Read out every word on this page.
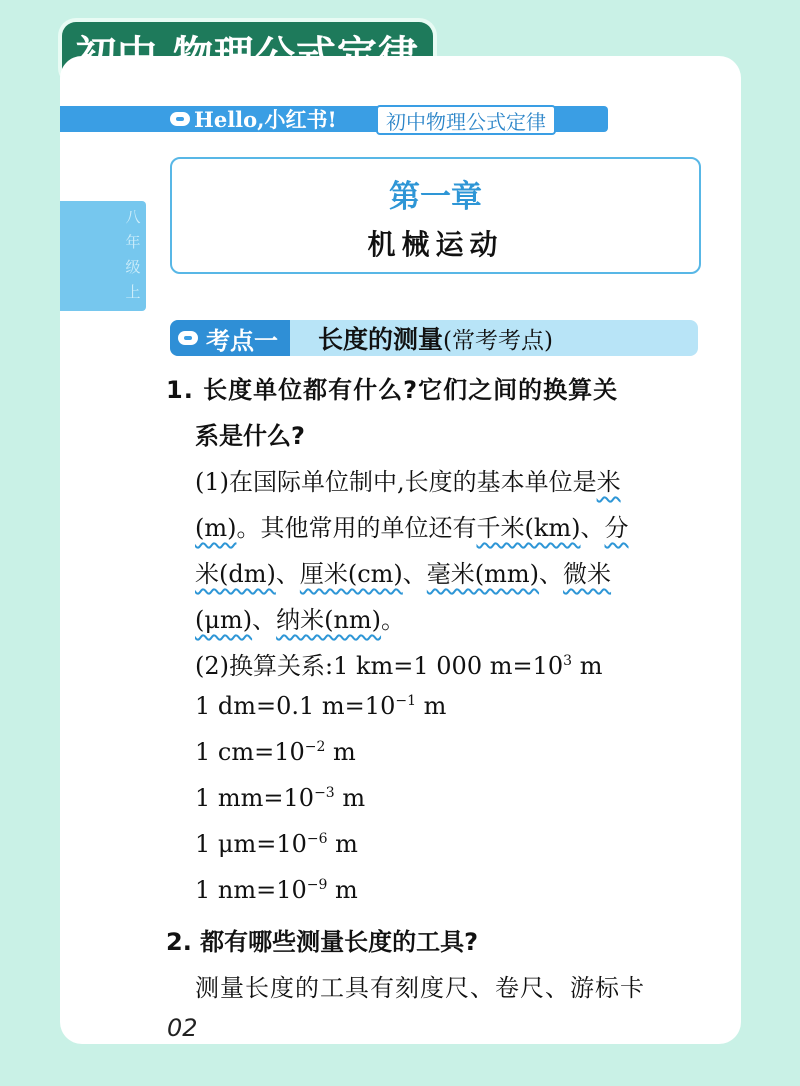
Hello,小红书! 初中物理公式定律
八
年
级
上
第一章
机械运动
考点一 长度的测量 (常考考点)
1. 长度单位都有什么?它们之间的换算关
系是什么?
(1)在国际单位制中,长度的基本单位是米
(m)。其他常用的单位还有千米(km)、分
米(dm)、厘米(cm)、毫米(mm)、微米
(μm)、纳米(nm)。
(2)换算关系:1 km=1 000 $m=10^3$ m
1 dm=0.1 $m=10^{-1}$ m
1 $cm=10^{-2}$ m
1 $mm=10^{-3}$ m
1 $\mu m=10^{-6}$ m
1 $nm=10^{-9}$ m
2. 都有哪些测量长度的工具?
测量长度的工具有刻度尺、卷尺、游标卡
02
